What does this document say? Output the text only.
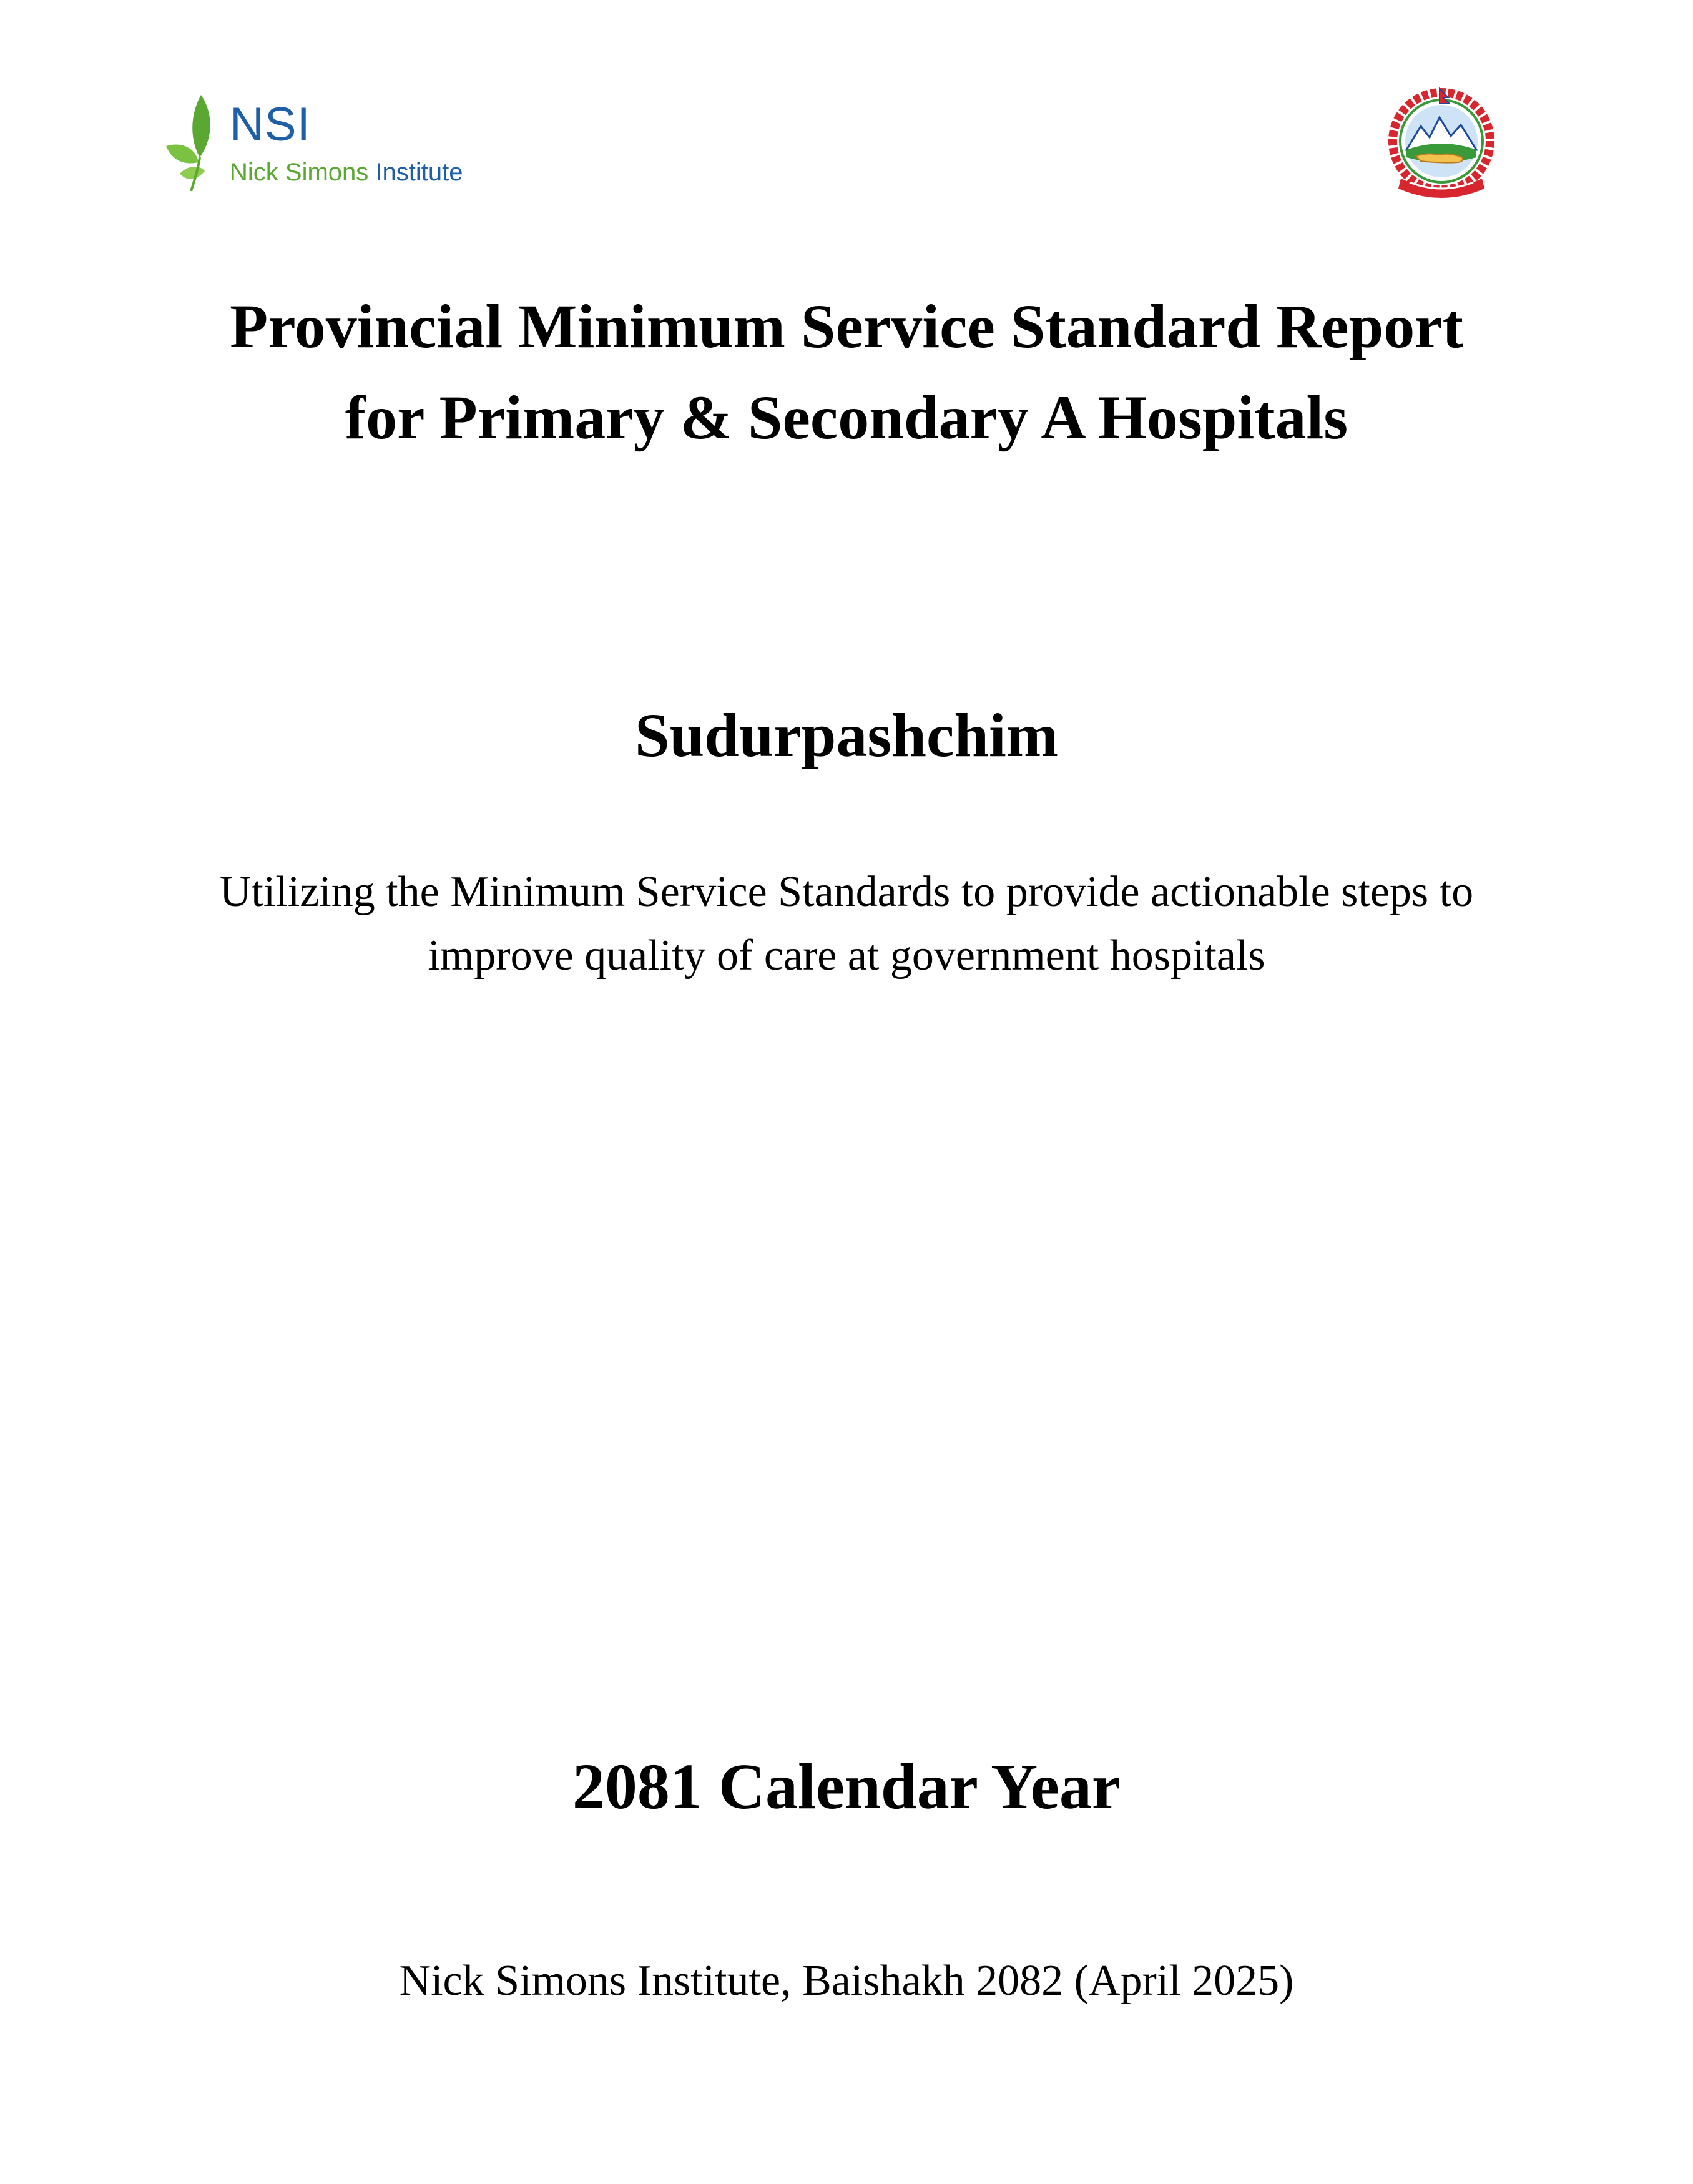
NSI
Nick Simons Institute
Provincial Minimum Service Standard Report
for Primary & Secondary A Hospitals
Sudurpashchim
Utilizing the Minimum Service Standards to provide actionable steps to
improve quality of care at government hospitals
2081 Calendar Year
Nick Simons Institute, Baishakh 2082 (April 2025)
